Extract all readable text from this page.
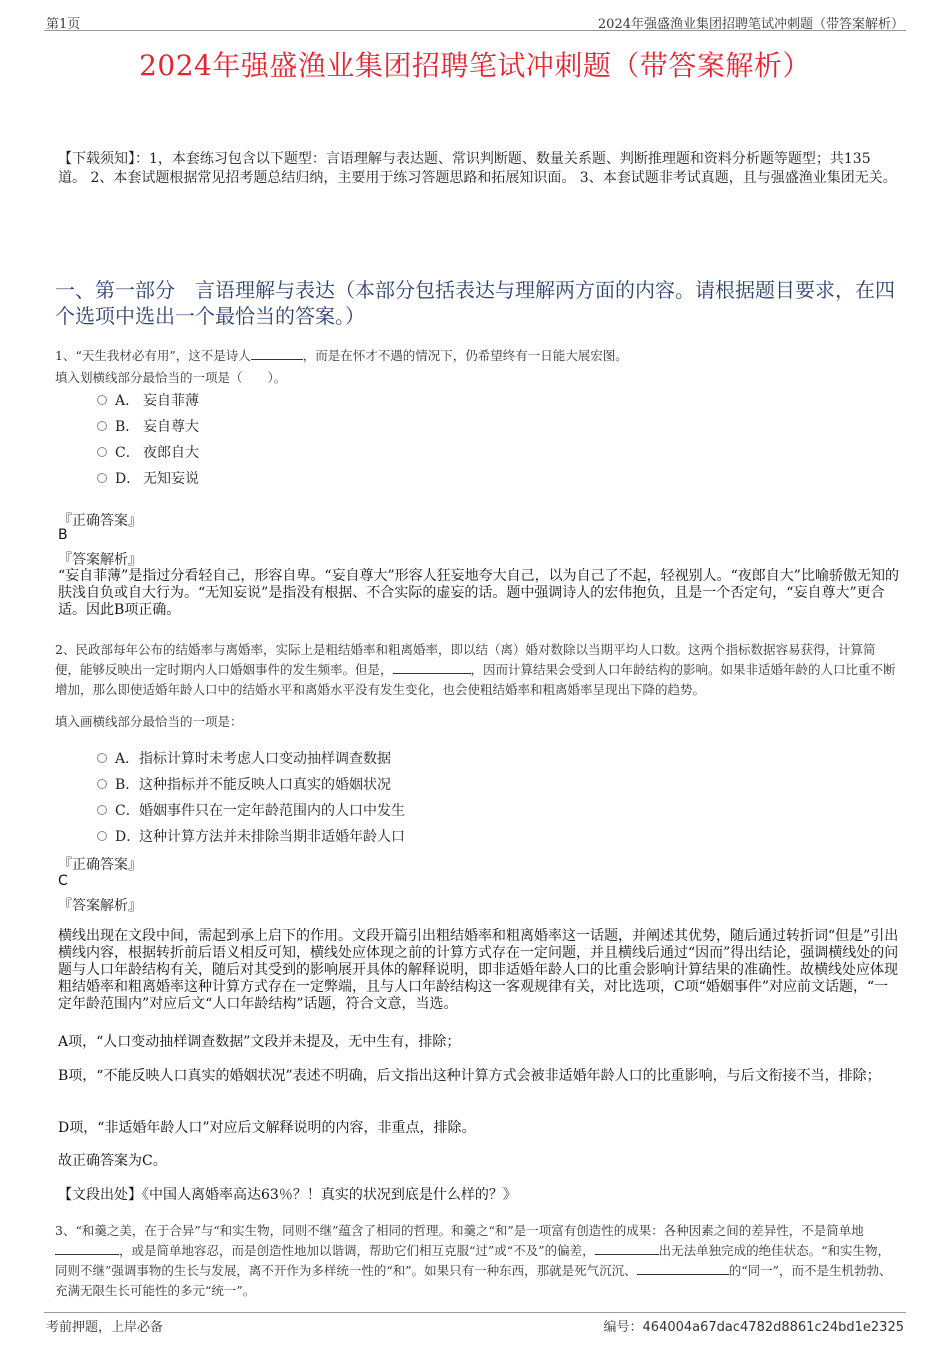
第1页	2024年强盛渔业集团招聘笔试冲刺题（带答案解析）
2024年强盛渔业集团招聘笔试冲刺题（带答案解析）
【下载须知】：1，本套练习包含以下题型：言语理解与表达题、常识判断题、数量关系题、判断推理题和资料分析题等题型；共135道。 2、本套试题根据常见招考题总结归纳，主要用于练习答题思路和拓展知识面。 3、本套试题非考试真题，且与强盛渔业集团无关。
一、第一部分　言语理解与表达（本部分包括表达与理解两方面的内容。请根据题目要求，在四个选项中选出一个最恰当的答案。）
1、“天生我材必有用”，这不是诗人	，而是在怀才不遇的情况下，仍希望终有一日能大展宏图。
填入划横线部分最恰当的一项是（　　）。
A． 妄自菲薄
B． 妄自尊大
C． 夜郎自大
D． 无知妄说
『正确答案』
B
『答案解析』
“妄自菲薄”是指过分看轻自己，形容自卑。“妄自尊大”形容人狂妄地夸大自己，以为自己了不起，轻视别人。“夜郎自大”比喻骄傲无知的肤浅自负或自大行为。“无知妄说”是指没有根据、不合实际的虚妄的话。题中强调诗人的宏伟抱负，且是一个否定句，“妄自尊大”更合适。因此B项正确。
2、民政部每年公布的结婚率与离婚率，实际上是粗结婚率和粗离婚率，即以结（离）婚对数除以当期平均人口数。这两个指标数据容易获得，计算简便，能够反映出一定时期内人口婚姻事件的发生频率。但是，	，因而计算结果会受到人口年龄结构的影响。如果非适婚年龄的人口比重不断增加，那么即使适婚年龄人口中的结婚水平和离婚水平没有发生变化，也会使粗结婚率和粗离婚率呈现出下降的趋势。
填入画横线部分最恰当的一项是：
A．指标计算时未考虑人口变动抽样调查数据
B．这种指标并不能反映人口真实的婚姻状况
C．婚姻事件只在一定年龄范围内的人口中发生
D．这种计算方法并未排除当期非适婚年龄人口
『正确答案』
C
『答案解析』
横线出现在文段中间，需起到承上启下的作用。文段开篇引出粗结婚率和粗离婚率这一话题，并阐述其优势，随后通过转折词“但是”引出横线内容，根据转折前后语义相反可知，横线处应体现之前的计算方式存在一定问题，并且横线后通过“因而”得出结论，强调横线处的问题与人口年龄结构有关，随后对其受到的影响展开具体的解释说明，即非适婚年龄人口的比重会影响计算结果的准确性。故横线处应体现粗结婚率和粗离婚率这种计算方式存在一定弊端，且与人口年龄结构这一客观规律有关，对比选项，C项“婚姻事件”对应前文话题，“一定年龄范围内”对应后文“人口年龄结构”话题，符合文意，当选。
A项，“人口变动抽样调查数据”文段并未提及，无中生有，排除；
B项，“不能反映人口真实的婚姻状况”表述不明确，后文指出这种计算方式会被非适婚年龄人口的比重影响，与后文衔接不当，排除；
D项，“非适婚年龄人口”对应后文解释说明的内容，非重点，排除。
故正确答案为C。
【文段出处】《中国人离婚率高达63％？！真实的状况到底是什么样的？》
3、“和羹之美，在于合异”与“和实生物，同则不继”蕴含了相同的哲理。和羹之“和”是一项富有创造性的成果：各种因素之间的差异性，不是简单地，或是简单地容忍，而是创造性地加以谐调，帮助它们相互克服“过”或“不及”的偏差，	出无法单独完成的绝佳状态。“和实生物，同则不继”强调事物的生长与发展，离不开作为多样统一性的“和”。如果只有一种东西，那就是死气沉沉、	的“同一”，而不是生机勃勃、充满无限生长可能性的多元“统一”。
考前押题，上岸必备	编号：464004a67dac4782d8861c24bd1e2325
